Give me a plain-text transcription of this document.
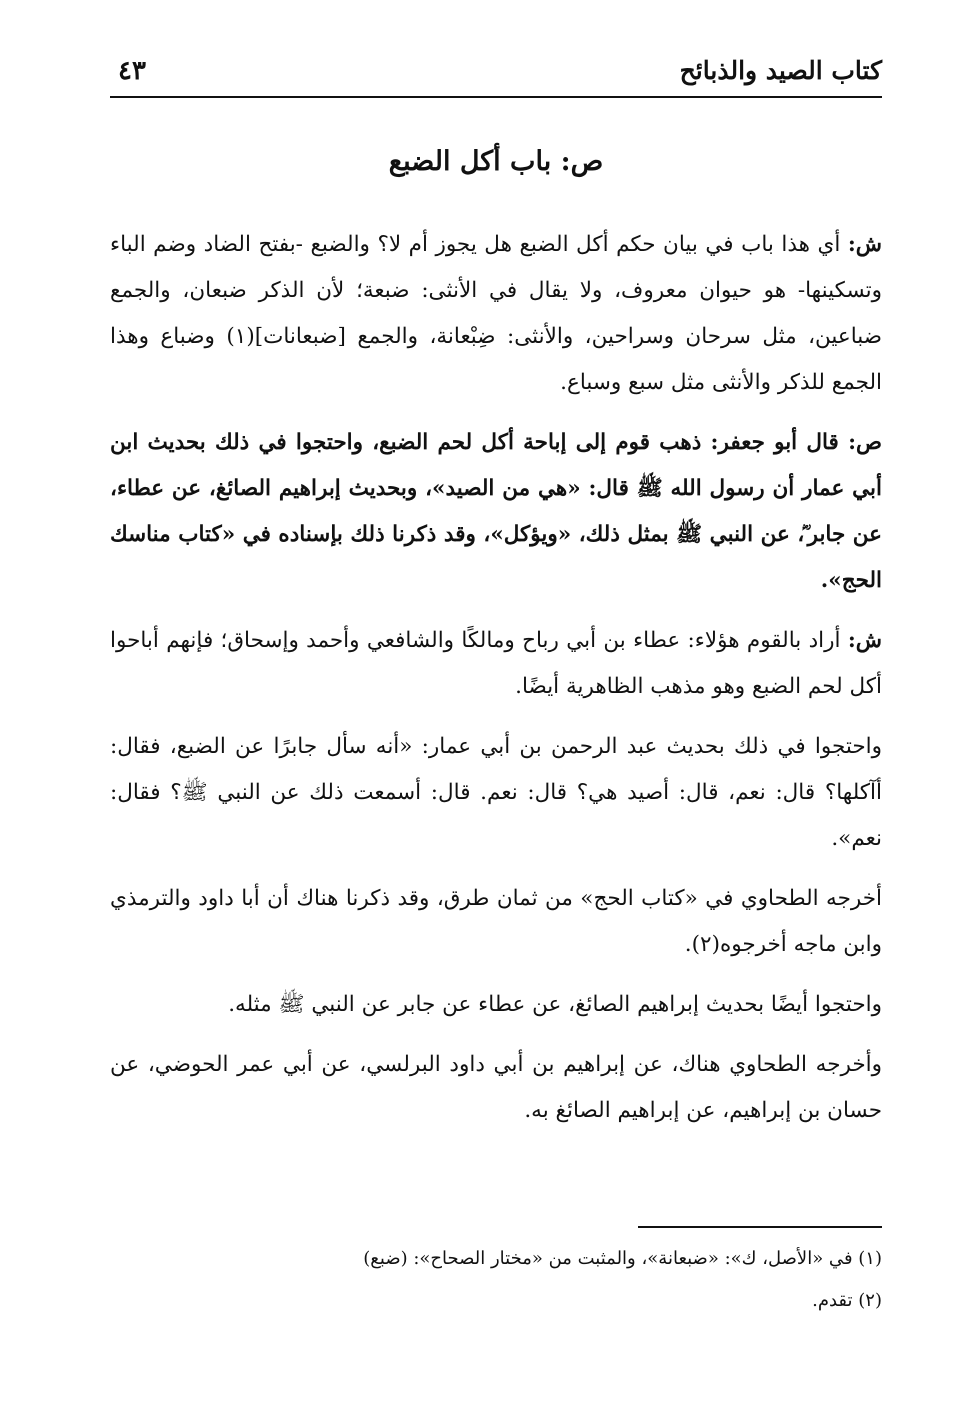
كتاب الصيد والذبائح
٤٣
ص: باب أكل الضبع

ش: أي هذا باب في بيان حكم أكل الضبع هل يجوز أم لا؟ والضبع -بفتح الضاد وضم الباء وتسكينها- هو حيوان معروف، ولا يقال في الأنثى: ضبعة؛ لأن الذكر ضبعان، والجمع ضباعين، مثل سرحان وسراحين، والأنثى: ضِبْعانة، والجمع [ضبعانات](١) وضباع وهذا الجمع للذكر والأنثى مثل سبع وسباع.

ص: قال أبو جعفر: ذهب قوم إلى إباحة أكل لحم الضبع، واحتجوا في ذلك بحديث ابن أبي عمار أن رسول الله ﷺ قال: «هي من الصيد»، وبحديث إبراهيم الصائغ، عن عطاء، عن جابر ؓ، عن النبي ﷺ بمثل ذلك، «ويؤكل»، وقد ذكرنا ذلك بإسناده في «كتاب مناسك الحج».

ش: أراد بالقوم هؤلاء: عطاء بن أبي رباح ومالكًا والشافعي وأحمد وإسحاق؛ فإنهم أباحوا أكل لحم الضبع وهو مذهب الظاهرية أيضًا.

واحتجوا في ذلك بحديث عبد الرحمن بن أبي عمار: «أنه سأل جابرًا عن الضبع، فقال: أآكلها؟ قال: نعم، قال: أصيد هي؟ قال: نعم. قال: أسمعت ذلك عن النبي ﷺ؟ فقال: نعم».

أخرجه الطحاوي في «كتاب الحج» من ثمان طرق، وقد ذكرنا هناك أن أبا داود والترمذي وابن ماجه أخرجوه(٢).

واحتجوا أيضًا بحديث إبراهيم الصائغ، عن عطاء عن جابر عن النبي ﷺ مثله.

وأخرجه الطحاوي هناك، عن إبراهيم بن أبي داود البرلسي، عن أبي عمر الحوضي، عن حسان بن إبراهيم، عن إبراهيم الصائغ به.

(١) في «الأصل، ك»: «ضبعانة»، والمثبت من «مختار الصحاح»: (ضبع)
(٢) تقدم.
